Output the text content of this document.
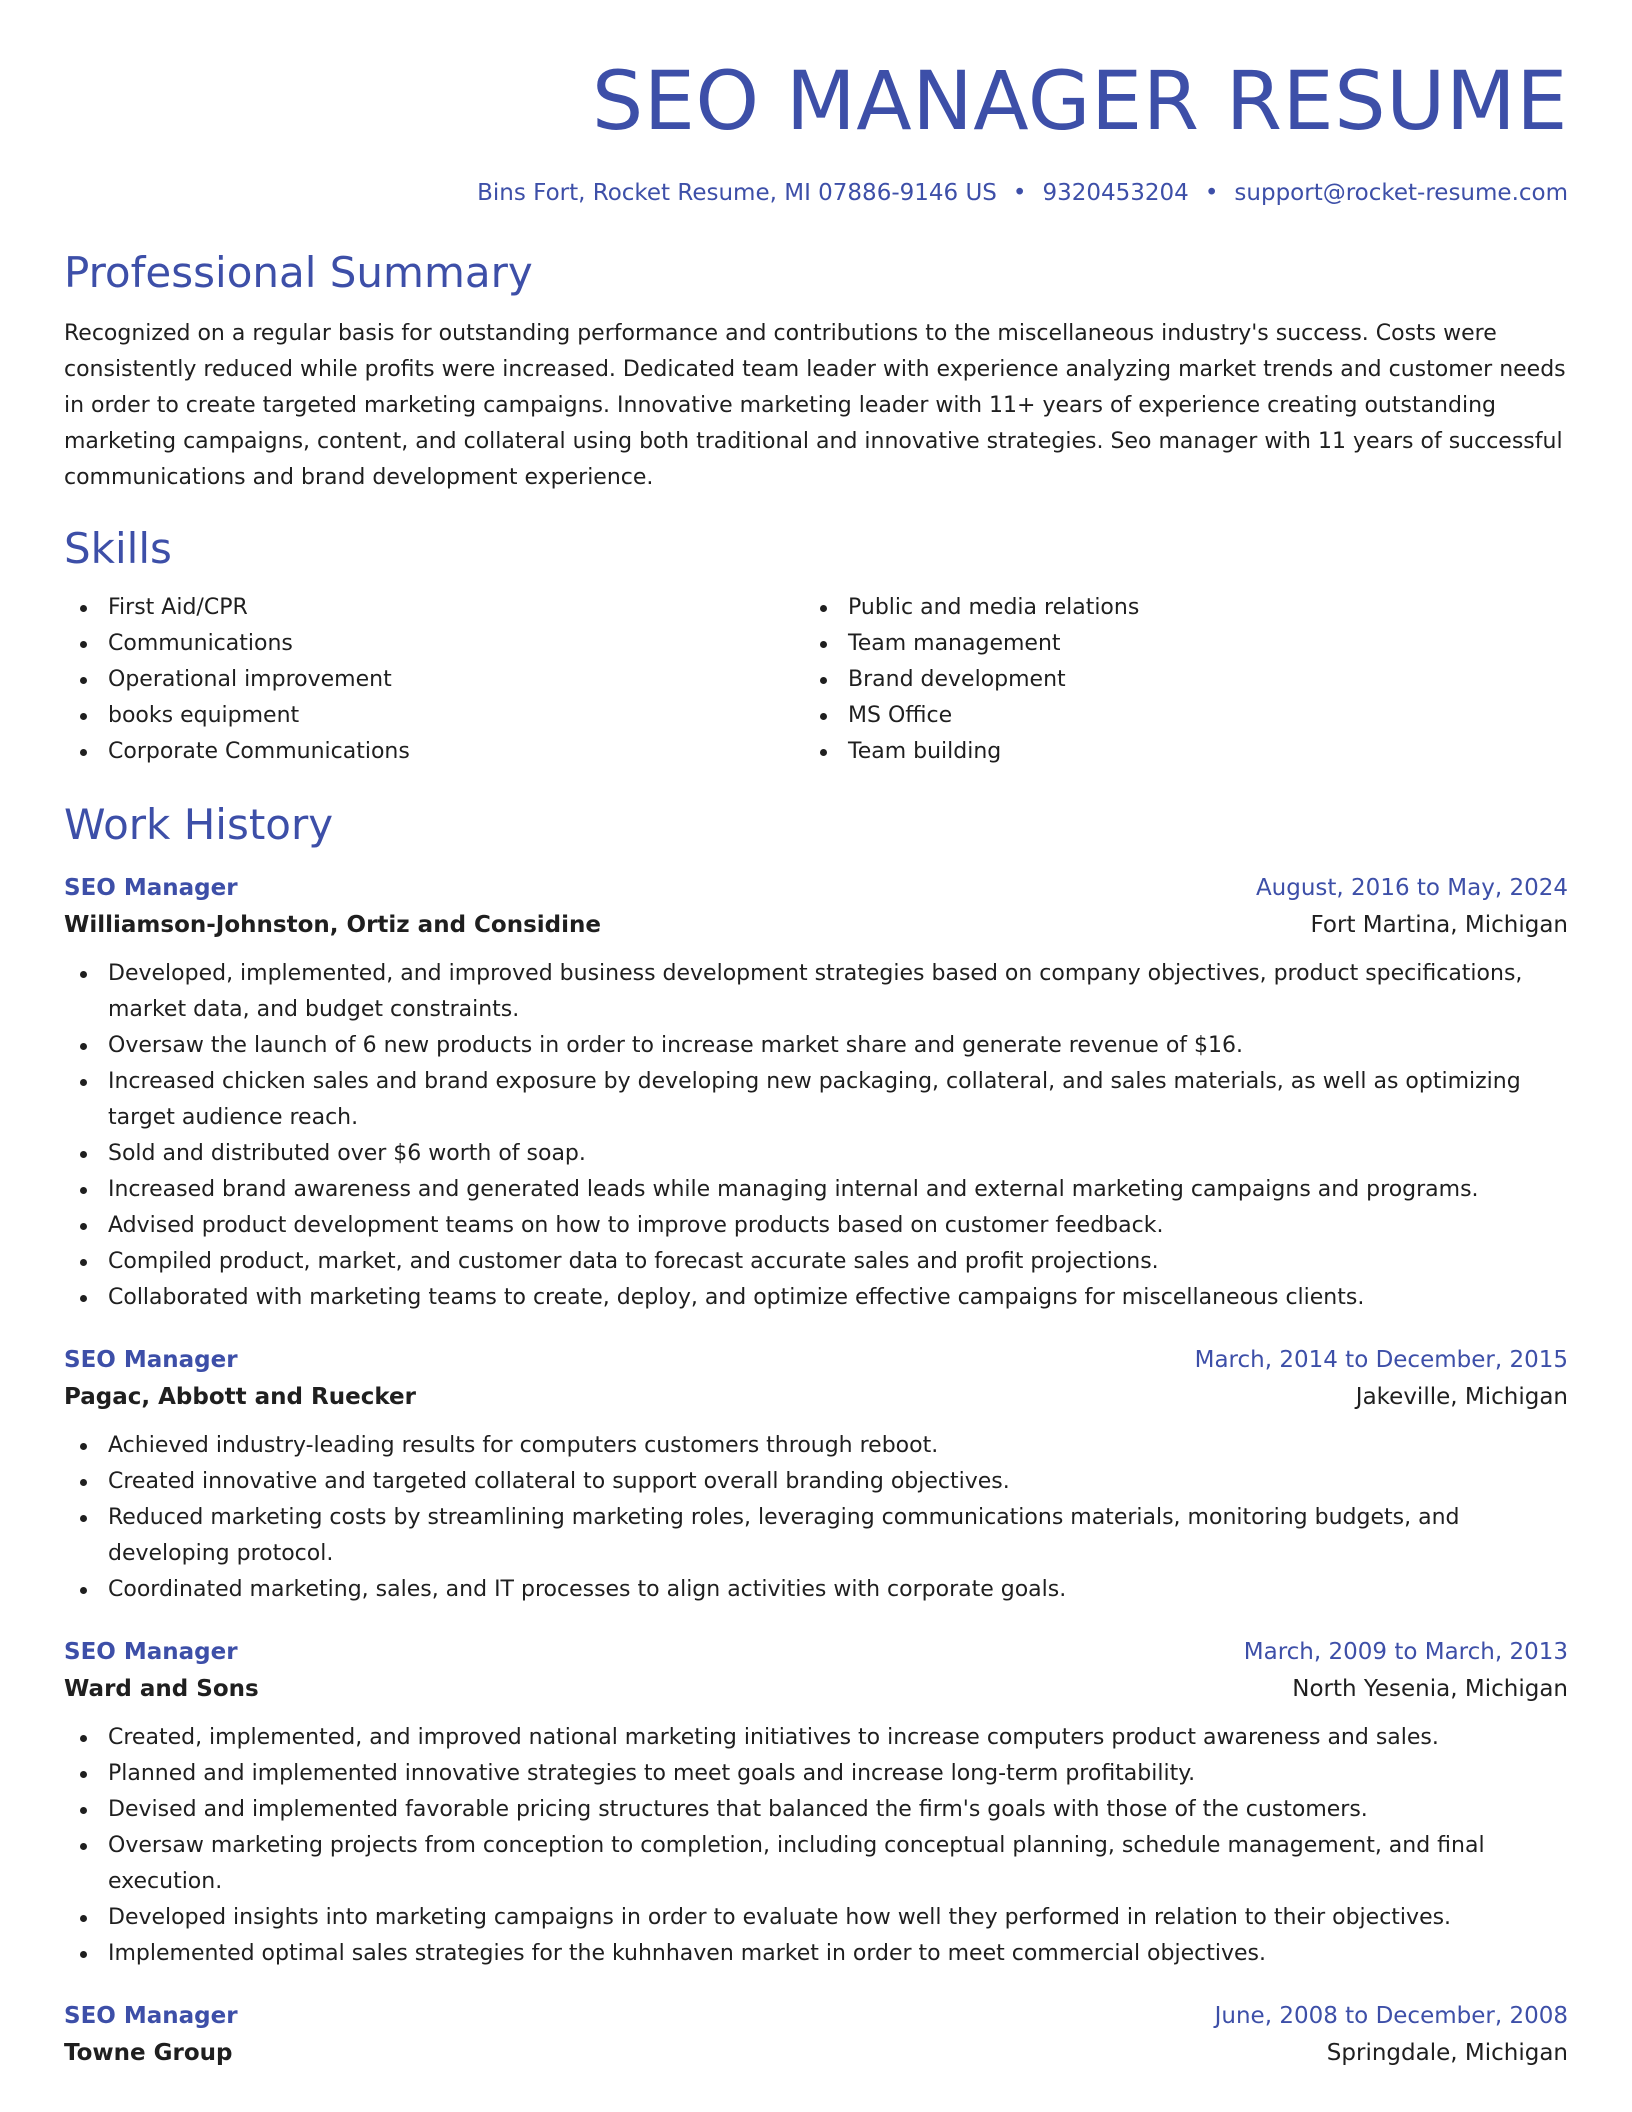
SEO MANAGER RESUME
Bins Fort, Rocket Resume, MI 07886-9146 US • 9320453204 • support@rocket-resume.com
Professional Summary
Recognized on a regular basis for outstanding performance and contributions to the miscellaneous industry's success. Costs were consistently reduced while profits were increased. Dedicated team leader with experience analyzing market trends and customer needs in order to create targeted marketing campaigns. Innovative marketing leader with 11+ years of experience creating outstanding marketing campaigns, content, and collateral using both traditional and innovative strategies. Seo manager with 11 years of successful communications and brand development experience.
Skills
First Aid/CPR
Communications
Operational improvement
books equipment
Corporate Communications
Public and media relations
Team management
Brand development
MS Office
Team building
Work History
SEO Manager	August, 2016 to May, 2024
Williamson-Johnston, Ortiz and Considine	Fort Martina, Michigan
Developed, implemented, and improved business development strategies based on company objectives, product specifications, market data, and budget constraints.
Oversaw the launch of 6 new products in order to increase market share and generate revenue of $16.
Increased chicken sales and brand exposure by developing new packaging, collateral, and sales materials, as well as optimizing target audience reach.
Sold and distributed over $6 worth of soap.
Increased brand awareness and generated leads while managing internal and external marketing campaigns and programs.
Advised product development teams on how to improve products based on customer feedback.
Compiled product, market, and customer data to forecast accurate sales and profit projections.
Collaborated with marketing teams to create, deploy, and optimize effective campaigns for miscellaneous clients.
SEO Manager	March, 2014 to December, 2015
Pagac, Abbott and Ruecker	Jakeville, Michigan
Achieved industry-leading results for computers customers through reboot.
Created innovative and targeted collateral to support overall branding objectives.
Reduced marketing costs by streamlining marketing roles, leveraging communications materials, monitoring budgets, and developing protocol.
Coordinated marketing, sales, and IT processes to align activities with corporate goals.
SEO Manager	March, 2009 to March, 2013
Ward and Sons	North Yesenia, Michigan
Created, implemented, and improved national marketing initiatives to increase computers product awareness and sales.
Planned and implemented innovative strategies to meet goals and increase long-term profitability.
Devised and implemented favorable pricing structures that balanced the firm's goals with those of the customers.
Oversaw marketing projects from conception to completion, including conceptual planning, schedule management, and final execution.
Developed insights into marketing campaigns in order to evaluate how well they performed in relation to their objectives.
Implemented optimal sales strategies for the kuhnhaven market in order to meet commercial objectives.
SEO Manager	June, 2008 to December, 2008
Towne Group	Springdale, Michigan
